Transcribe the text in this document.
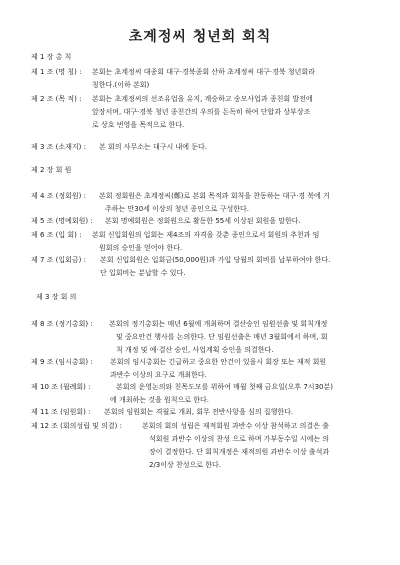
초계정씨 청년회 회칙
제 1 장 총 칙
제 1 조 (명 칭) : 본회는 초계정씨 대종회 대구·경북종회 산하 초계정씨 대구·경북 청년회라
칭한다.(이하 본회)
제 2 조 (목 적) : 본회는 초계정씨의 선조유업을 유지, 계승하고 숭모사업과 종친회 발전에
앞장서며, 대구·경북 청년 종친간의 우의를 돈독히 하여 단합과 상부상조
로 상호 번영을 목적으로 한다.
제 3 조 (소재지) : 본 회의 사무소는 대구시 내에 둔다.
제 2 장 회 원
제 4 조 (정회원) : 본회 정회원은 초계정씨(鄭)로 본회 목적과 회칙을 찬동하는 대구·경 북에 거
주하는 만30세 이상의 청년 종인으로 구성한다.
제 5 조 (명예회원) : 본회 명예회원은 정회원으로 활동한 55세 이상된 회원을 말한다.
제 6 조 (입 회) : 본회 신입회원의 입회는 제4조의 자격을 갖춘 종인으로서 회원의 추천과 임
원회의 승인을 얻어야 한다.
제 7 조 (입회금) : 본회 신입회원은 입회금(50,000원)과 가입 당월의 회비를 납부하여야 한다.
단 입회비는 분납할 수 있다.
제 3 장 회 의
제 8 조 (정기총회) : 본회의 정기총회는 매년 6월에 개최하며 결산승인 임원선출 및 회칙개정
및 중요안건 행사를 논의한다. 단 임원선출은 매년 3월회에서 하며, 회
칙 개정 및 예·결산 승인, 사업계획 승인을 의결한다.
제 9 조 (임시총회) : 본회의 임시총회는 긴급하고 중요한 안건이 있을시 회장 또는 재적 회원
과반수 이상의 요구로 개최한다.
제 10 조 (월례회) :	본회의 운영논의와 친목도모를 위하여 매월 첫째 금요일(오후 7시30분)
에 개최하는 것을 원칙으로 한다.
제 11 조 (임원회) : 본회의 임원회는 격월로 개최, 회무 전반사항을 심의 집행한다.
제 12 조 (회의성립 및 의결) :	본회의 회의 성립은 재적회원 과반수 이상 참석하고 의결은 출
석회원 과반수 이상의 찬성 으로 하며 가부동수일 시에는 의
장이 결정한다. 단 회칙개정은 재적의원 과반수 이상 출석과
2/3이상 찬성으로 한다.
